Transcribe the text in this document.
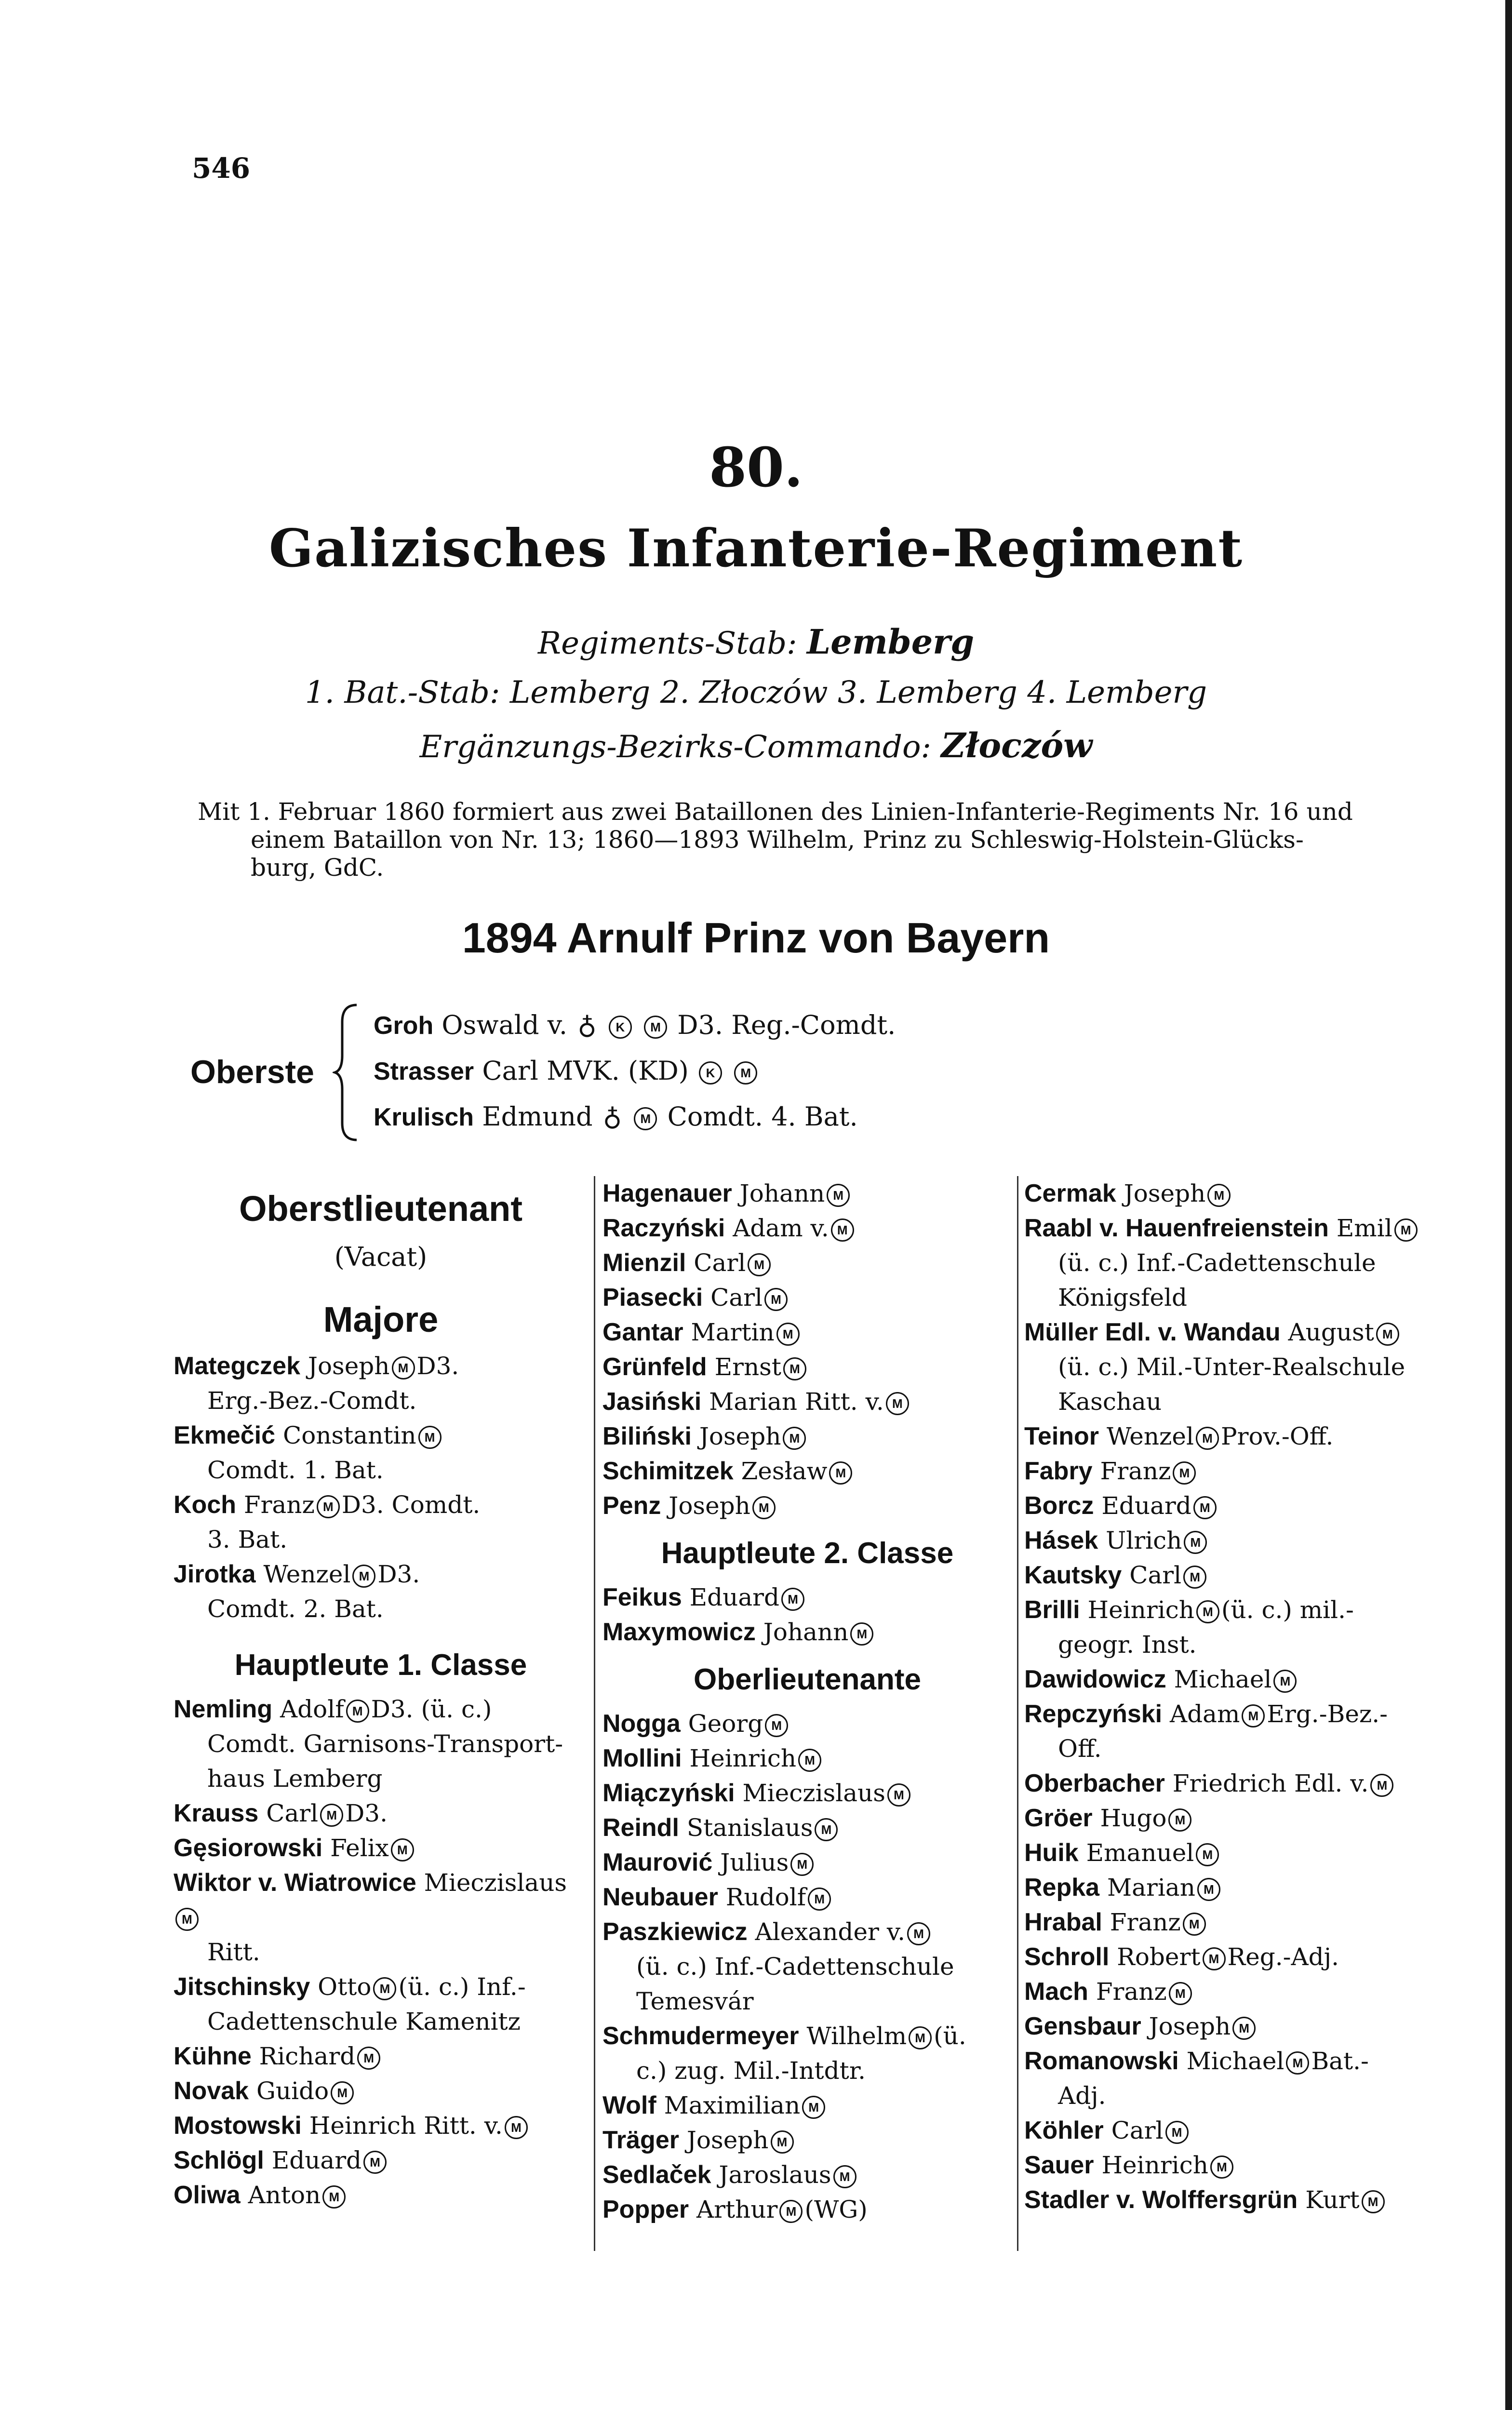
546
80.
Galizisches Infanterie-Regiment
Regiments-Stab: Lemberg
1. Bat.-Stab: Lemberg 2. Złoczów 3. Lemberg 4. Lemberg
Ergänzungs-Bezirks-Commando: Złoczów
Mit 1. Februar 1860 formiert aus zwei Bataillonen des Linien-Infanterie-Regiments Nr. 16 und
einem Bataillon von Nr. 13; 1860—1893 Wilhelm, Prinz zu Schleswig-Holstein-Glücks-
burg, GdC.
1894 Arnulf Prinz von Bayern
Oberste
Groh Oswald v. ♁ K M D3. Reg.-Comdt.
Strasser Carl MVK. (KD) K M
Krulisch Edmund ♁ M Comdt. 4. Bat.
Oberstlieutenant
(Vacat)
Majore
Mategczek Joseph M D3.
Erg.-Bez.-Comdt.
Ekmečić Constantin M
Comdt. 1. Bat.
Koch Franz M D3. Comdt.
3. Bat.
Jirotka Wenzel M D3.
Comdt. 2. Bat.
Hauptleute 1. Classe
Nemling Adolf M D3. (ü. c.)
Comdt. Garnisons-Transport-
haus Lemberg
Krauss Carl M D3.
Gęsiorowski Felix M
Wiktor v. Wiatrowice MieczislausM
Ritt.
Jitschinsky Otto M (ü. c.) Inf.-
Cadettenschule Kamenitz
Kühne Richard M
Novak Guido M
Mostowski Heinrich Ritt. v. M
Schlögl Eduard M
Oliwa Anton M
Hagenauer Johann M
Raczyński Adam v. M
Mienzil Carl M
Piasecki Carl M
Gantar Martin M
Grünfeld Ernst M
Jasiński Marian Ritt. v. M
Biliński Joseph M
Schimitzek Zesław M
Penz Joseph M
Hauptleute 2. Classe
Feikus Eduard M
Maxymowicz Johann M
Oberlieutenante
Nogga Georg M
Mollini Heinrich M
Miączyński Mieczislaus M
Reindl Stanislaus M
Maurović Julius M
Neubauer Rudolf M
Paszkiewicz Alexander v. M
(ü. c.) Inf.-Cadettenschule
Temesvár
Schmudermeyer Wilhelm M (ü.
c.) zug. Mil.-Intdtr.
Wolf Maximilian M
Träger Joseph M
Sedlaček Jaroslaus M
Popper Arthur M (WG)
Cermak Joseph M
Raabl v. Hauenfreienstein Emil M
(ü. c.) Inf.-Cadettenschule
Königsfeld
Müller Edl. v. Wandau August M
(ü. c.) Mil.-Unter-Realschule
Kaschau
Teinor Wenzel M Prov.-Off.
Fabry Franz M
Borcz Eduard M
Hásek Ulrich M
Kautsky Carl M
Brilli Heinrich M (ü. c.) mil.-
geogr. Inst.
Dawidowicz Michael M
Repczyński Adam M Erg.-Bez.-
Off.
Oberbacher Friedrich Edl. v. M
Gröer Hugo M
Huik Emanuel M
Repka Marian M
Hrabal Franz M
Schroll Robert M Reg.-Adj.
Mach Franz M
Gensbaur Joseph M
Romanowski Michael M Bat.-
Adj.
Köhler Carl M
Sauer Heinrich M
Stadler v. Wolffersgrün Kurt M
